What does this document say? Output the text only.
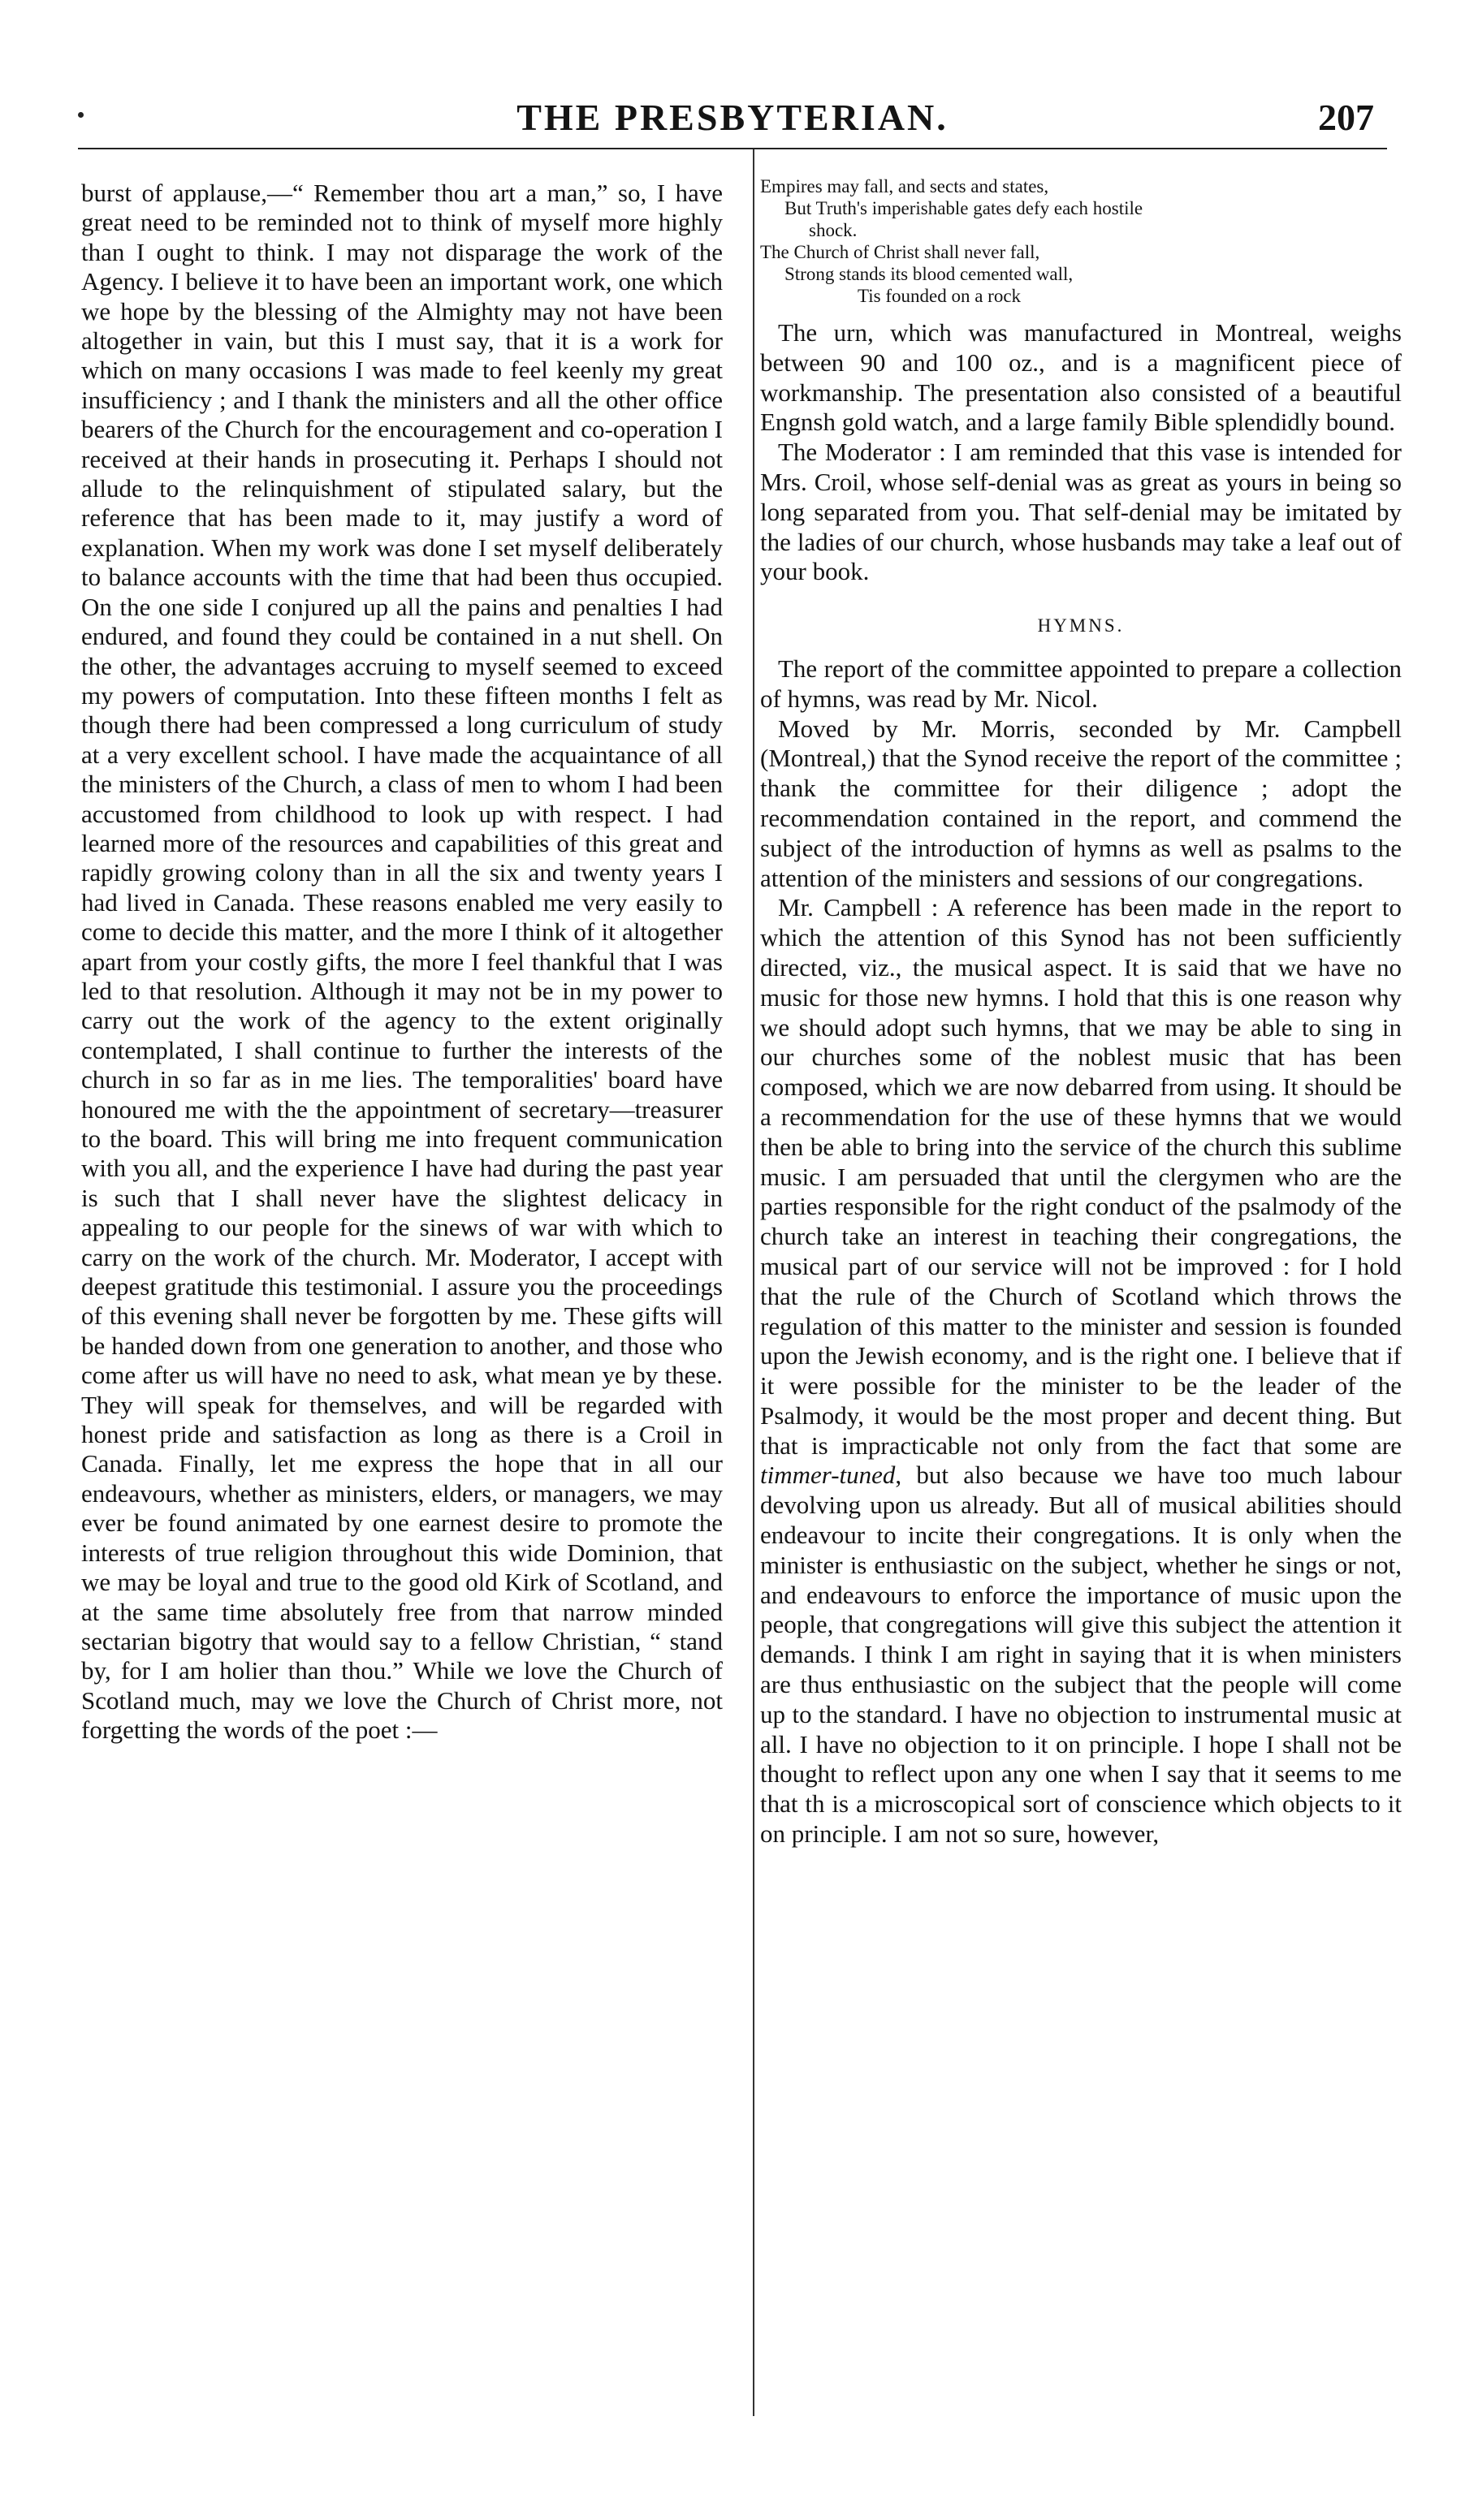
THE PRESBYTERIAN.	207

burst of applause,—“ Remember thou art a man,” so, I have great need to be reminded not to think of myself more highly than I ought to think. I may not disparage the work of the Agency. I believe it to have been an important work, one which we hope by the blessing of the Almighty may not have been altogether in vain, but this I must say, that it is a work for which on many occasions I was made to feel keenly my great insufficiency ; and I thank the ministers and all the other office bearers of the Church for the encouragement and co-operation I received at their hands in prosecuting it. Perhaps I should not allude to the relinquishment of stipulated salary, but the reference that has been made to it, may justify a word of explanation. When my work was done I set myself deliberately to balance accounts with the time that had been thus occupied. On the one side I conjured up all the pains and penalties I had endured, and found they could be contained in a nut shell. On the other, the advantages accruing to myself seemed to exceed my powers of computation. Into these fifteen months I felt as though there had been compressed a long curriculum of study at a very excellent school. I have made the acquaintance of all the ministers of the Church, a class of men to whom I had been accustomed from childhood to look up with respect. I had learned more of the resources and capabilities of this great and rapidly growing colony than in all the six and twenty years I had lived in Canada. These reasons enabled me very easily to come to decide this matter, and the more I think of it altogether apart from your costly gifts, the more I feel thankful that I was led to that resolution. Although it may not be in my power to carry out the work of the agency to the extent originally contemplated, I shall continue to further the interests of the church in so far as in me lies. The temporalities' board have honoured me with the the appointment of secretary—treasurer to the board. This will bring me into frequent communication with you all, and the experience I have had during the past year is such that I shall never have the slightest delicacy in appealing to our people for the sinews of war with which to carry on the work of the church. Mr. Moderator, I accept with deepest gratitude this testimonial. I assure you the proceedings of this evening shall never be forgotten by me. These gifts will be handed down from one generation to another, and those who come after us will have no need to ask, what mean ye by these. They will speak for themselves, and will be regarded with honest pride and satisfaction as long as there is a Croil in Canada. Finally, let me express the hope that in all our endeavours, whether as ministers, elders, or managers, we may ever be found animated by one earnest desire to promote the interests of true religion throughout this wide Dominion, that we may be loyal and true to the good old Kirk of Scotland, and at the same time absolutely free from that narrow minded sectarian bigotry that would say to a fellow Christian, “ stand by, for I am holier than thou.” While we love the Church of Scotland much, may we love the Church of Christ more, not forgetting the words of the poet :—

Empires may fall, and sects and states,
But Truth's imperishable gates defy each hostile
shock.
The Church of Christ shall never fall,
Strong stands its blood cemented wall,
Tis founded on a rock

The urn, which was manufactured in Montreal, weighs between 90 and 100 oz., and is a magnificent piece of workmanship. The presentation also consisted of a beautiful Engnsh gold watch, and a large family Bible splendidly bound.

The Moderator : I am reminded that this vase is intended for Mrs. Croil, whose self-denial was as great as yours in being so long separated from you. That self-denial may be imitated by the ladies of our church, whose husbands may take a leaf out of your book.

HYMNS.

The report of the committee appointed to prepare a collection of hymns, was read by Mr. Nicol.

Moved by Mr. Morris, seconded by Mr. Campbell (Montreal,) that the Synod receive the report of the committee ; thank the committee for their diligence ; adopt the recommendation contained in the report, and commend the subject of the introduction of hymns as well as psalms to the attention of the ministers and sessions of our congregations.

Mr. Campbell : A reference has been made in the report to which the attention of this Synod has not been sufficiently directed, viz., the musical aspect. It is said that we have no music for those new hymns. I hold that this is one reason why we should adopt such hymns, that we may be able to sing in our churches some of the noblest music that has been composed, which we are now debarred from using. It should be a recommendation for the use of these hymns that we would then be able to bring into the service of the church this sublime music. I am persuaded that until the clergymen who are the parties responsible for the right conduct of the psalmody of the church take an interest in teaching their congregations, the musical part of our service will not be improved : for I hold that the rule of the Church of Scotland which throws the regulation of this matter to the minister and session is founded upon the Jewish economy, and is the right one. I believe that if it were possible for the minister to be the leader of the Psalmody, it would be the most proper and decent thing. But that is impracticable not only from the fact that some are timmer-tuned, but also because we have too much labour devolving upon us already. But all of musical abilities should endeavour to incite their congregations. It is only when the minister is enthusiastic on the subject, whether he sings or not, and endeavours to enforce the importance of music upon the people, that congregations will give this subject the attention it demands. I think I am right in saying that it is when ministers are thus enthusiastic on the subject that the people will come up to the standard. I have no objection to instrumental music at all. I have no objection to it on principle. I hope I shall not be thought to reflect upon any one when I say that it seems to me that th is a microscopical sort of conscience which objects to it on principle. I am not so sure, however,
